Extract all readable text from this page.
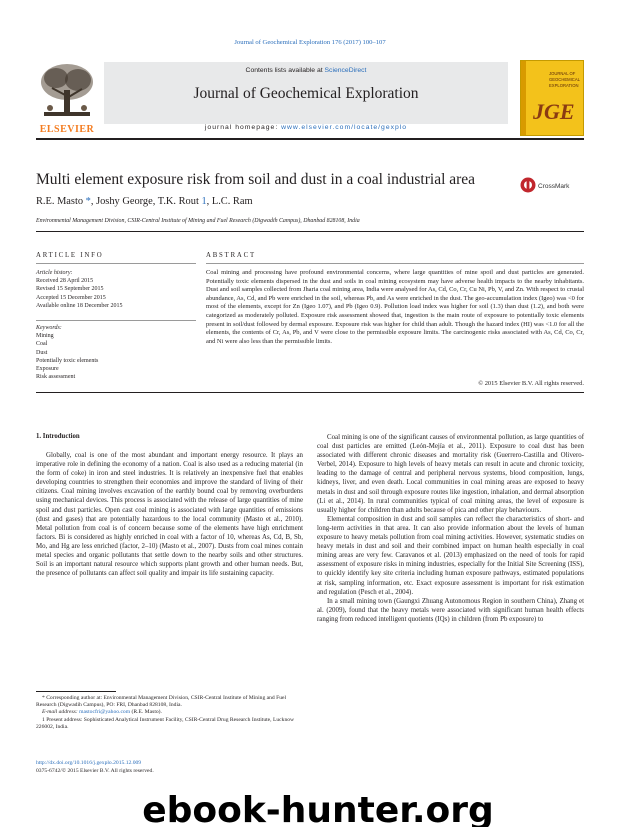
Journal of Geochemical Exploration 176 (2017) 100–107
ELSEVIER
Contents lists available at ScienceDirect
Journal of Geochemical Exploration
journal homepage: www.elsevier.com/locate/gexplo
JGE
JOURNAL OF
GEOCHEMICAL
EXPLORATION
Multi element exposure risk from soil and dust in a coal industrial area	CrossMark
R.E. Masto *, Joshy George, T.K. Rout 1, L.C. Ram
Environmental Management Division, CSIR-Central Institute of Mining and Fuel Research (Digwadih Campus), Dhanbad 828108, India
ARTICLE INFO	ABSTRACT
Article history:
Received 28 April 2015
Revised 15 September 2015
Accepted 15 December 2015
Available online 18 December 2015
Keywords:
Mining
Coal
Dust
Potentially toxic elements
Exposure
Risk assessment
Coal mining and processing have profound environmental concerns, where large quantities of mine spoil and dust particles are generated. Potentially toxic elements dispersed in the dust and soils in coal mining ecosystem may have adverse health impacts to the nearby inhabitants. Dust and soil samples collected from Jharia coal mining area, India were analysed for As, Cd, Co, Cr, Cu Ni, Pb, V, and Zn. With respect to crustal abundance, As, Cd, and Pb were enriched in the soil, whereas Pb, and As were enriched in the dust. The geo-accumulation index (Igeo) was <0 for most of the elements, except for Zn (Igeo 1.07), and Pb (Igeo 0.9). Pollution load index was higher for soil (1.3) than dust (1.2), and both were categorized as moderately polluted. Exposure risk assessment showed that, ingestion is the main route of exposure to potentially toxic elements present in soil/dust followed by dermal exposure. Exposure risk was higher for child than adult. Though the hazard index (HI) was <1.0 for all the elements, the contents of Cr, As, Pb, and V were close to the permissible exposure limits. The carcinogenic risks associated with As, Cd, Co, Cr, and Ni were also less than the permissible limits.
© 2015 Elsevier B.V. All rights reserved.
1. Introduction

Globally, coal is one of the most abundant and important energy resource. It plays an imperative role in defining the economy of a nation. Coal is also used as a reducing material (in the form of coke) in iron and steel industries. It is relatively an inexpensive fuel that enables developing countries to strengthen their economies and improve the standard of living of their citizens. Coal mining involves excavation of the earthly bound coal by removing overburdens using mechanical devices. This process is associated with the release of large quantities of mine spoil and dust particles. Open cast coal mining is associated with large quantities of emissions (dust and gases) that are potentially hazardous to the local community (Masto et al., 2010). Metal pollution from coal is of concern because some of the elements have high enrichment factors. Bi is considered as highly enriched in coal with a factor of 10, whereas As, Cd, B, Sb, Mo, and Hg are less enriched (factor, 2–10) (Masto et al., 2007). Dusts from coal mines contain metal species and organic pollutants that settle down to the nearby soils and other structures. Soil is an important natural resource which supports plant growth and other human needs. But, the presence of pollutants can affect soil quality and impair its life sustaining capacity.

Coal mining is one of the significant causes of environmental pollution, as large quantities of coal dust particles are emitted (León-Mejía et al., 2011). Exposure to coal dust has been associated with different chronic diseases and mortality risk (Guerrero-Castilla and Olivero-Verbel, 2014). Exposure to high levels of heavy metals can result in acute and chronic toxicity, leading to the damage of central and peripheral nervous systems, blood composition, lungs, kidneys, liver, and even death. Local communities in coal mining areas are exposed to heavy metals in dust and soil through exposure routes like ingestion, inhalation, and dermal absorption (Li et al., 2014). In rural communities typical of coal mining areas, the level of exposure is usually higher for children than adults because of pica and other play behaviours.

Elemental composition in dust and soil samples can reflect the characteristics of short- and long-term activities in that area. It can also provide information about the levels of human exposure to heavy metals pollution from coal mining activities. However, systematic studies on heavy metals in dust and soil and their combined impact on human health especially in coal mining areas are very few. Caravanos et al. (2013) emphasized on the need of tools for rapid assessment of exposure risks in mining industries, especially for the Initial Site Screening (ISS), to quickly identify key site criteria including human exposure pathways, estimated populations at risk, sampling information, etc. Exact exposure assessment is important for risk estimation and regulation (Pesch et al., 2004).

In a small mining town (Gaungxi Zhuang Autonomous Region in southern China), Zhang et al. (2009), found that the heavy metals were associated with significant human health effects ranging from reduced intelligent quotients (IQs) in children (from Pb exposure) to

* Corresponding author at: Environmental Management Division, CSIR-Central Institute of Mining and Fuel Research (Digwadih Campus), PO: FRI, Dhanbad 828108, India.

E-mail address: mastocfri@yahoo.com (R.E. Masto).

1 Present address: Sophisticated Analytical Instrument Facility, CSIR-Central Drug Research Institute, Lucknow 226002, India.

http://dx.doi.org/10.1016/j.gexplo.2015.12.009
0375-6742/© 2015 Elsevier B.V. All rights reserved.
ebook-hunter.org
